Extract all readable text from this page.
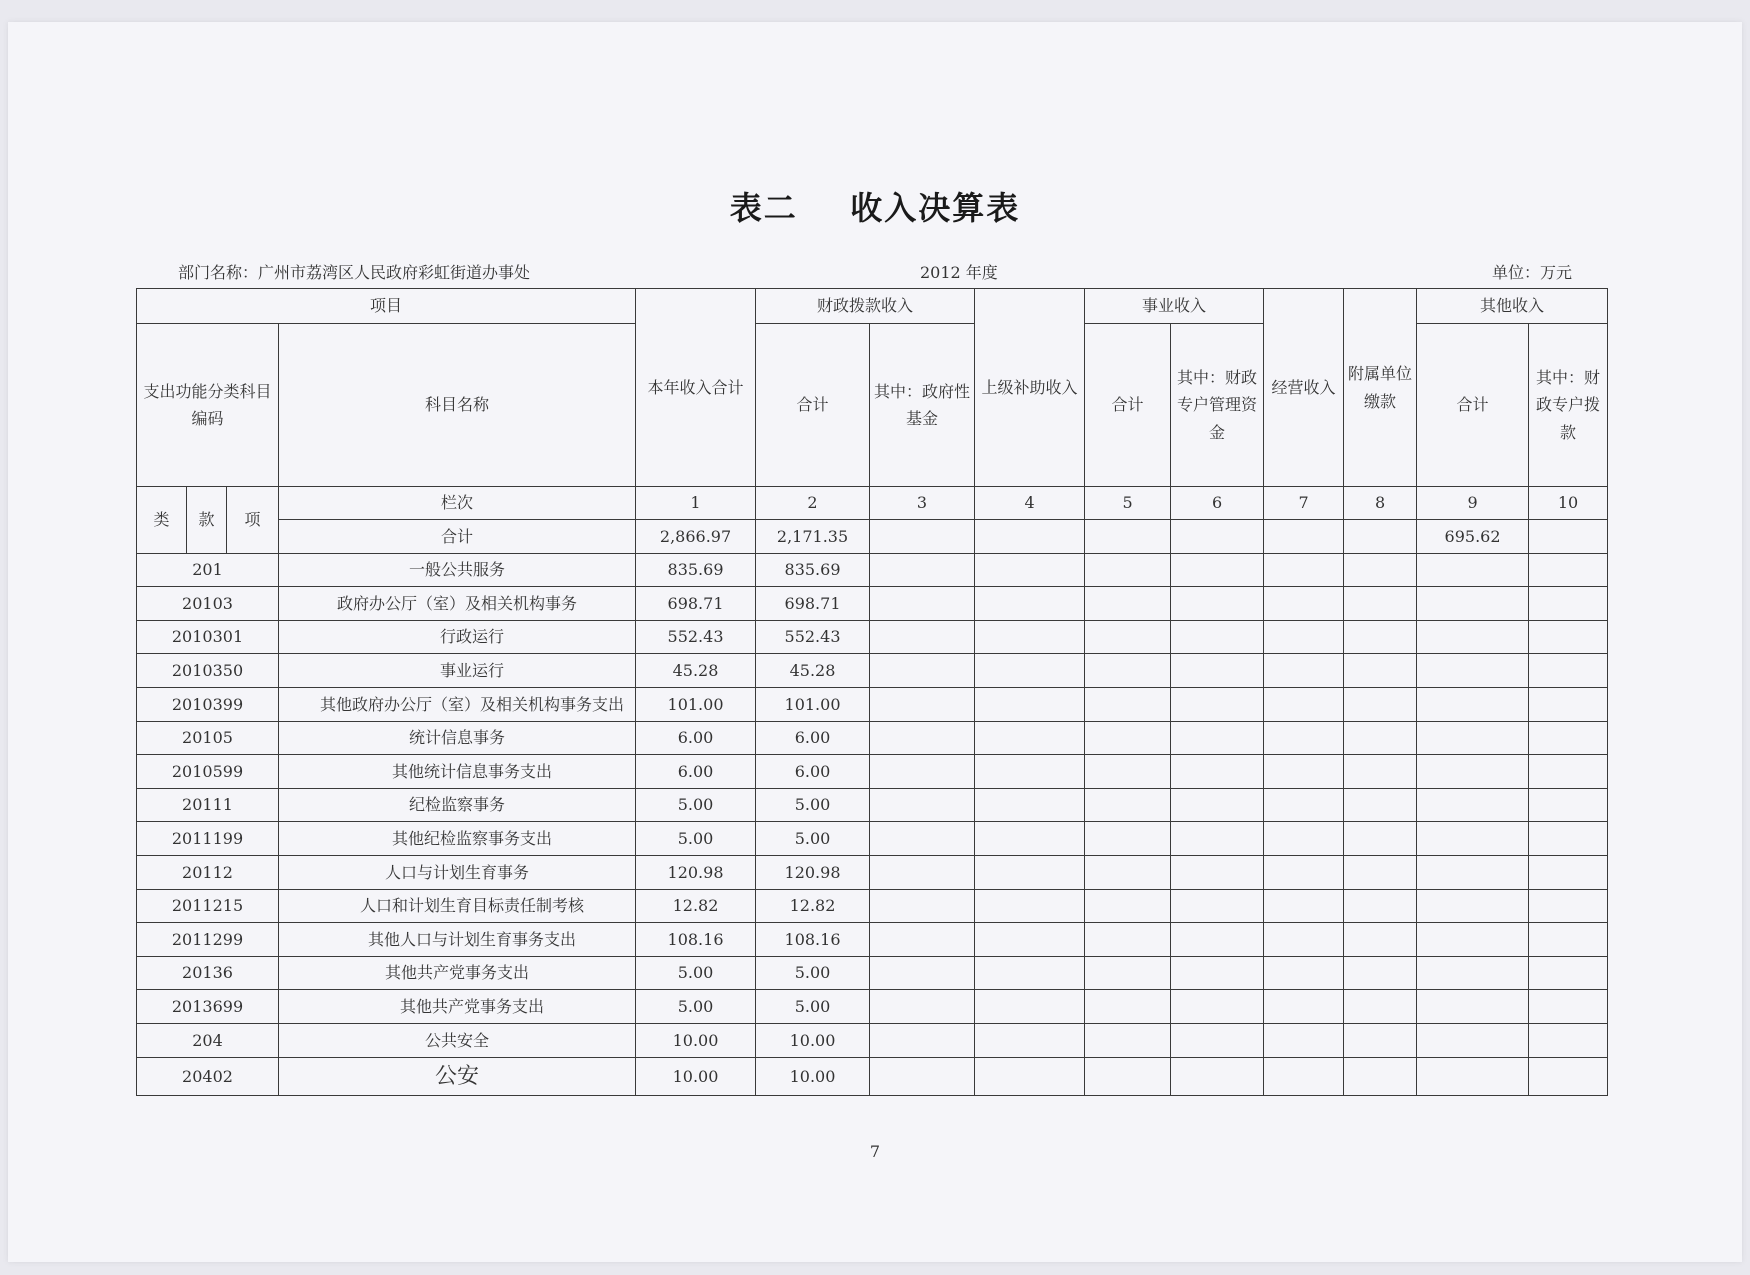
表二    收入决算表
部门名称：广州市荔湾区人民政府彩虹街道办事处	2012 年度	单位：万元
项目				本年收入合计	财政拨款收入		上级补助收入	事业收入		经营收入	附属单位缴款	其他收入	
支出功能分类科目编码			科目名称		合计	其中：政府性基金		合计	其中：财政专户管理资金			合计	其中：财政专户拨款
类	款	项	栏次	1	2	3	4	5	6	7	8	9	10
			合计	2,866.97	2,171.35							695.62	
201			一般公共服务	835.69	835.69								
20103			政府办公厅（室）及相关机构事务	698.71	698.71								
2010301			行政运行	552.43	552.43								
2010350			事业运行	45.28	45.28								
2010399			其他政府办公厅（室）及相关机构事务支出	101.00	101.00								
20105			统计信息事务	6.00	6.00								
2010599			其他统计信息事务支出	6.00	6.00								
20111			纪检监察事务	5.00	5.00								
2011199			其他纪检监察事务支出	5.00	5.00								
20112			人口与计划生育事务	120.98	120.98								
2011215			人口和计划生育目标责任制考核	12.82	12.82								
2011299			其他人口与计划生育事务支出	108.16	108.16								
20136			其他共产党事务支出	5.00	5.00								
2013699			其他共产党事务支出	5.00	5.00								
204			公共安全	10.00	10.00								
20402			公安	10.00	10.00								
7
